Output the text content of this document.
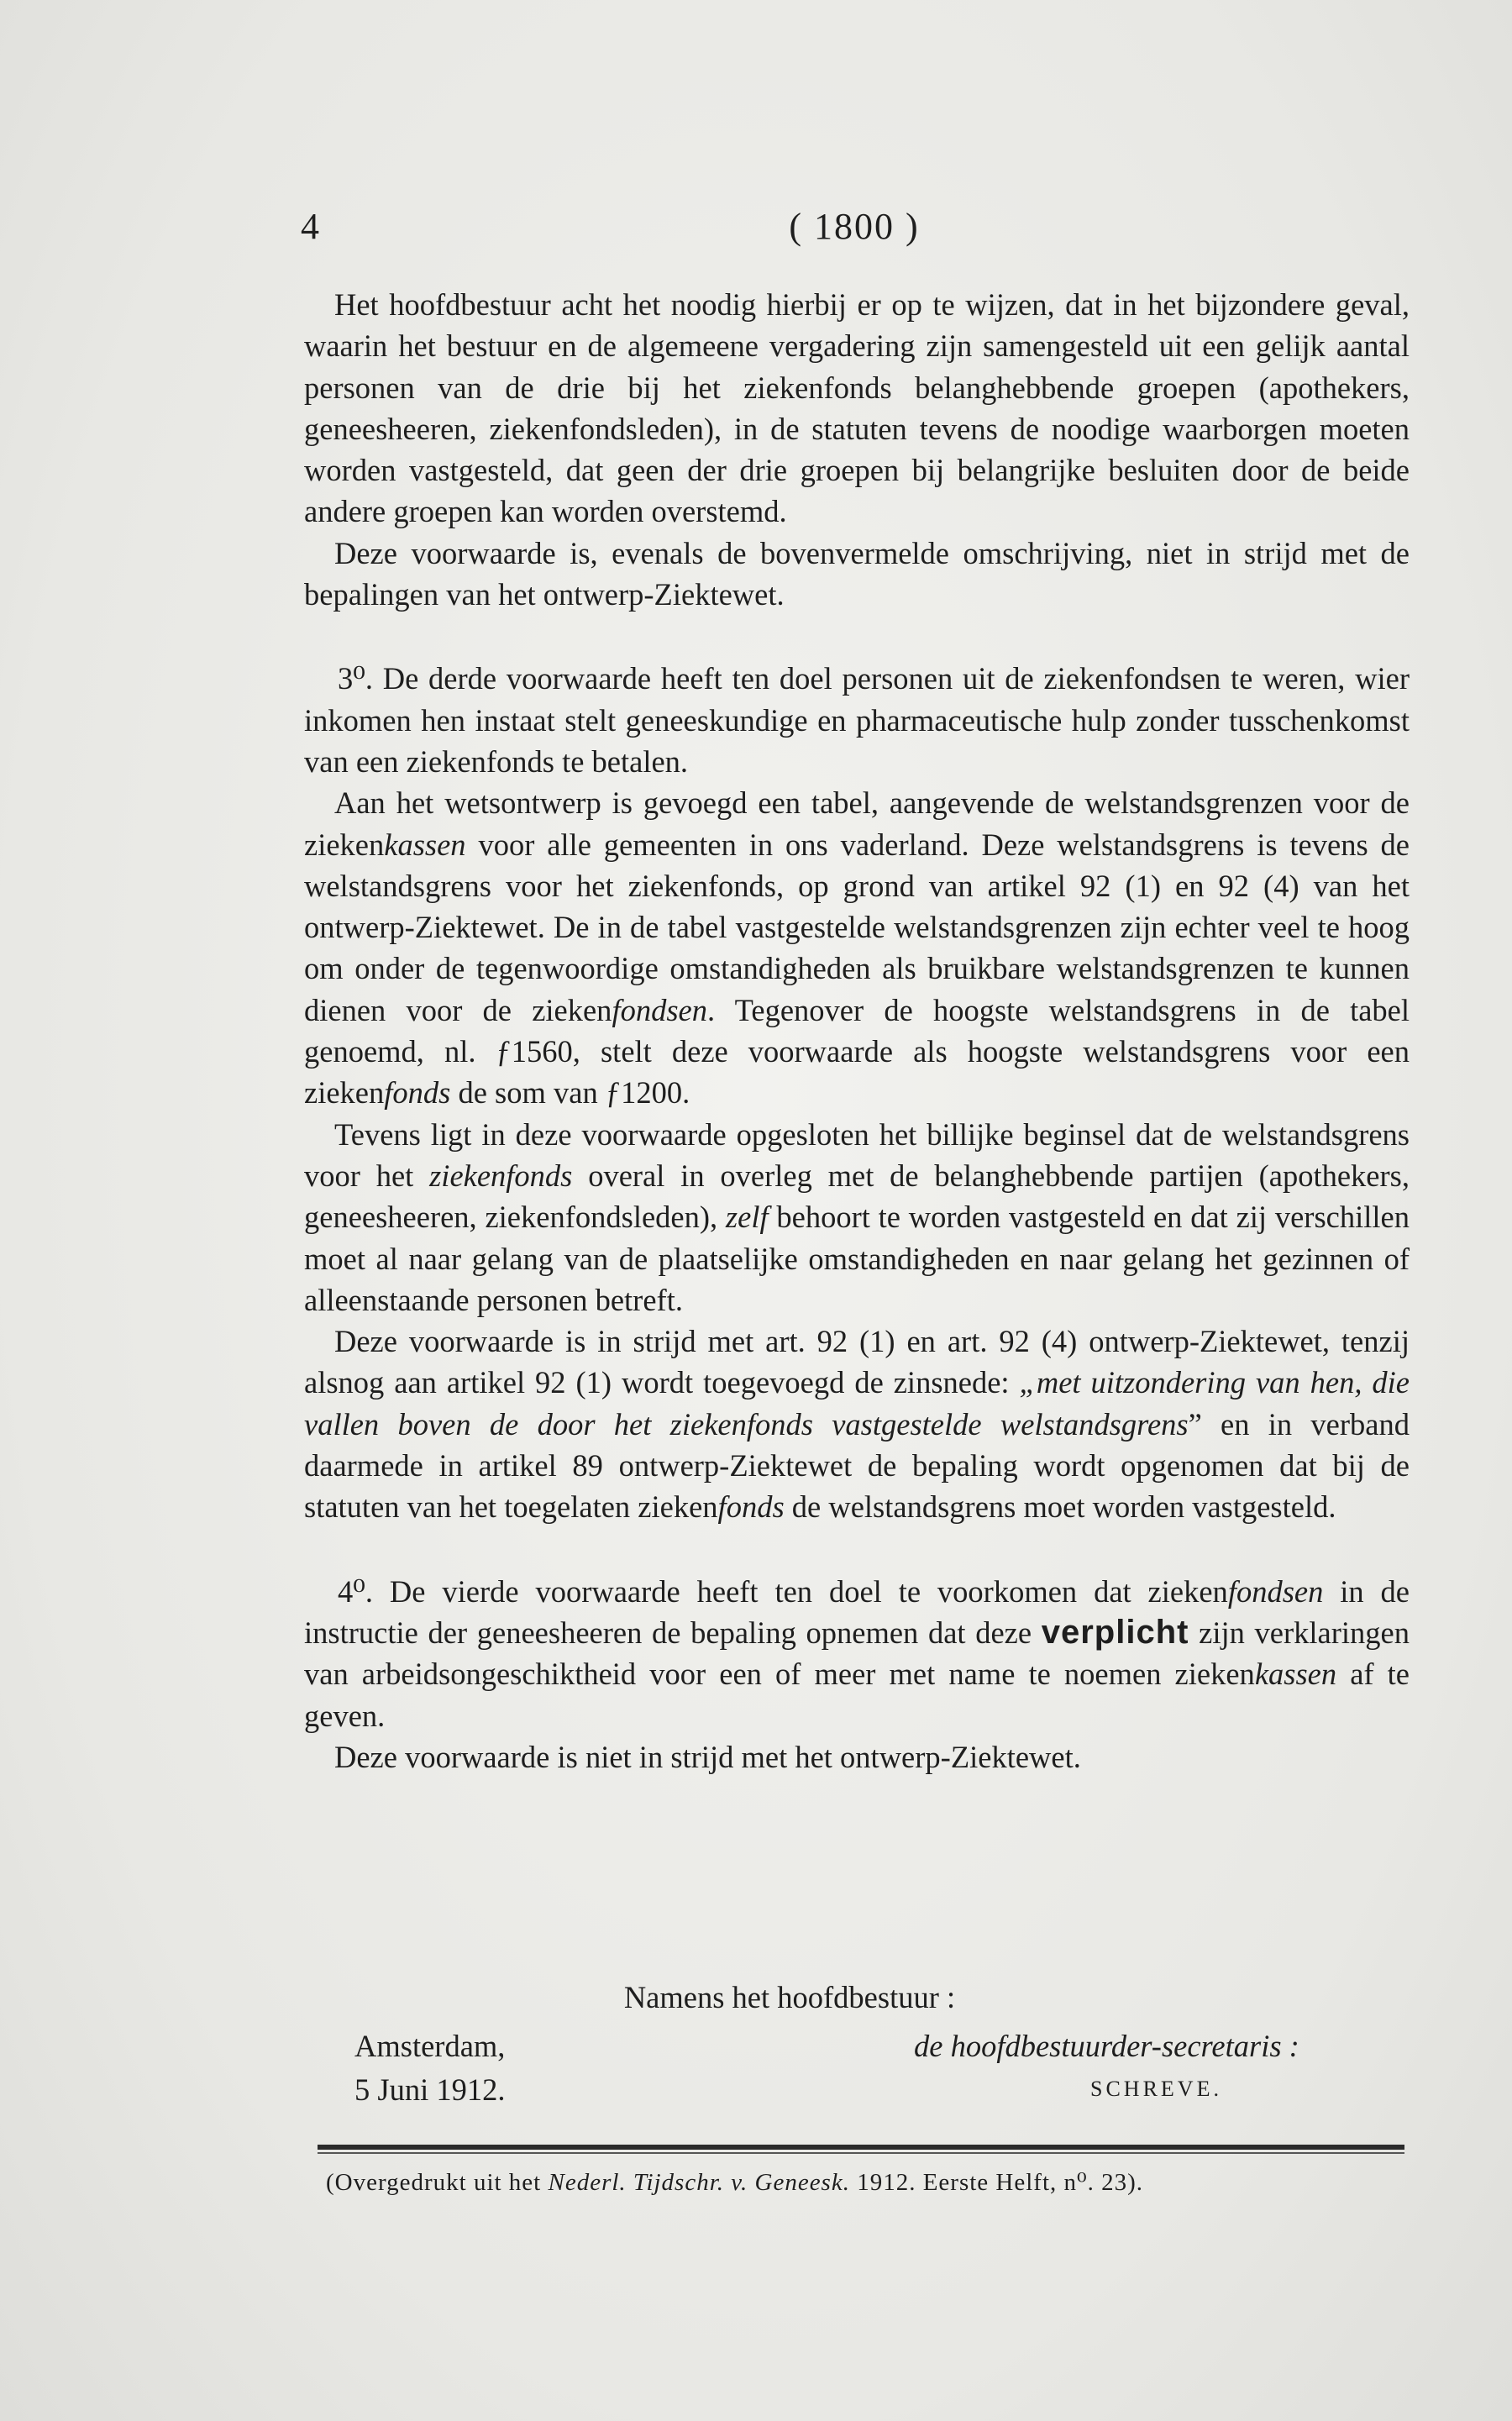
4	( 1800 )

Het hoofdbestuur acht het noodig hierbij er op te wijzen, dat in het bijzondere geval, waarin het bestuur en de algemeene vergadering zijn samengesteld uit een gelijk aantal personen van de drie bij het ziekenfonds belanghebbende groepen (apothekers, geneesheeren, ziekenfondsleden), in de statuten tevens de noodige waarborgen moeten worden vastgesteld, dat geen der drie groepen bij belangrijke besluiten door de beide andere groepen kan worden overstemd.

Deze voorwaarde is, evenals de bovenvermelde omschrijving, niet in strijd met de bepalingen van het ontwerp-Ziektewet.

3⁰. De derde voorwaarde heeft ten doel personen uit de ziekenfondsen te weren, wier inkomen hen instaat stelt geneeskundige en pharmaceutische hulp zonder tusschenkomst van een ziekenfonds te betalen.

Aan het wetsontwerp is gevoegd een tabel, aangevende de welstandsgrenzen voor de ziekenkassen voor alle gemeenten in ons vaderland. Deze welstandsgrens is tevens de welstandsgrens voor het ziekenfonds, op grond van artikel 92 (1) en 92 (4) van het ontwerp-Ziektewet. De in de tabel vastgestelde welstandsgrenzen zijn echter veel te hoog om onder de tegenwoordige omstandigheden als bruikbare welstandsgrenzen te kunnen dienen voor de ziekenfondsen. Tegenover de hoogste welstandsgrens in de tabel genoemd, nl. ƒ1560, stelt deze voorwaarde als hoogste welstandsgrens voor een ziekenfonds de som van ƒ1200.

Tevens ligt in deze voorwaarde opgesloten het billijke beginsel dat de welstandsgrens voor het ziekenfonds overal in overleg met de belanghebbende partijen (apothekers, geneesheeren, ziekenfondsleden), zelf behoort te worden vastgesteld en dat zij verschillen moet al naar gelang van de plaatselijke omstandigheden en naar gelang het gezinnen of alleenstaande personen betreft.

Deze voorwaarde is in strijd met art. 92 (1) en art. 92 (4) ontwerp-Ziektewet, tenzij alsnog aan artikel 92 (1) wordt toegevoegd de zinsnede: „met uitzondering van hen, die vallen boven de door het ziekenfonds vastgestelde welstandsgrens” en in verband daarmede in artikel 89 ontwerp-Ziektewet de bepaling wordt opgenomen dat bij de statuten van het toegelaten ziekenfonds de welstandsgrens moet worden vastgesteld.

4⁰. De vierde voorwaarde heeft ten doel te voorkomen dat ziekenfondsen in de instructie der geneesheeren de bepaling opnemen dat deze verplicht zijn verklaringen van arbeidsongeschiktheid voor een of meer met name te noemen ziekenkassen af te geven.

Deze voorwaarde is niet in strijd met het ontwerp-Ziektewet.

Namens het hoofdbestuur :
Amsterdam,
5 Juni 1912.
de hoofdbestuurder-secretaris :
SCHREVE.
(Overgedrukt uit het Nederl. Tijdschr. v. Geneesk. 1912. Eerste Helft, n⁰. 23).
